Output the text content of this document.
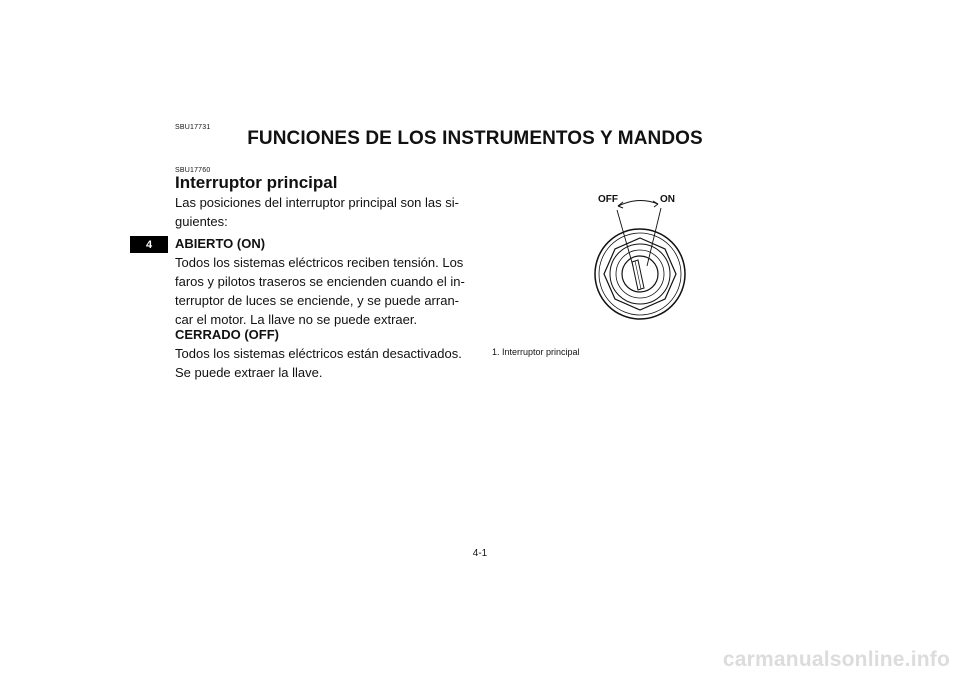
SBU17731
FUNCIONES DE LOS INSTRUMENTOS Y MANDOS
4
SBU17760
Interruptor principal
Las posiciones del interruptor principal son las si-
guientes:
ABIERTO (ON)
Todos los sistemas eléctricos reciben tensión. Los
faros y pilotos traseros se encienden cuando el in-
terruptor de luces se enciende, y se puede arran-
car el motor. La llave no se puede extraer.
CERRADO (OFF)
Todos los sistemas eléctricos están desactivados.
Se puede extraer la llave.
OFF	ON
1. Interruptor principal
4-1
carmanualsonline.info
